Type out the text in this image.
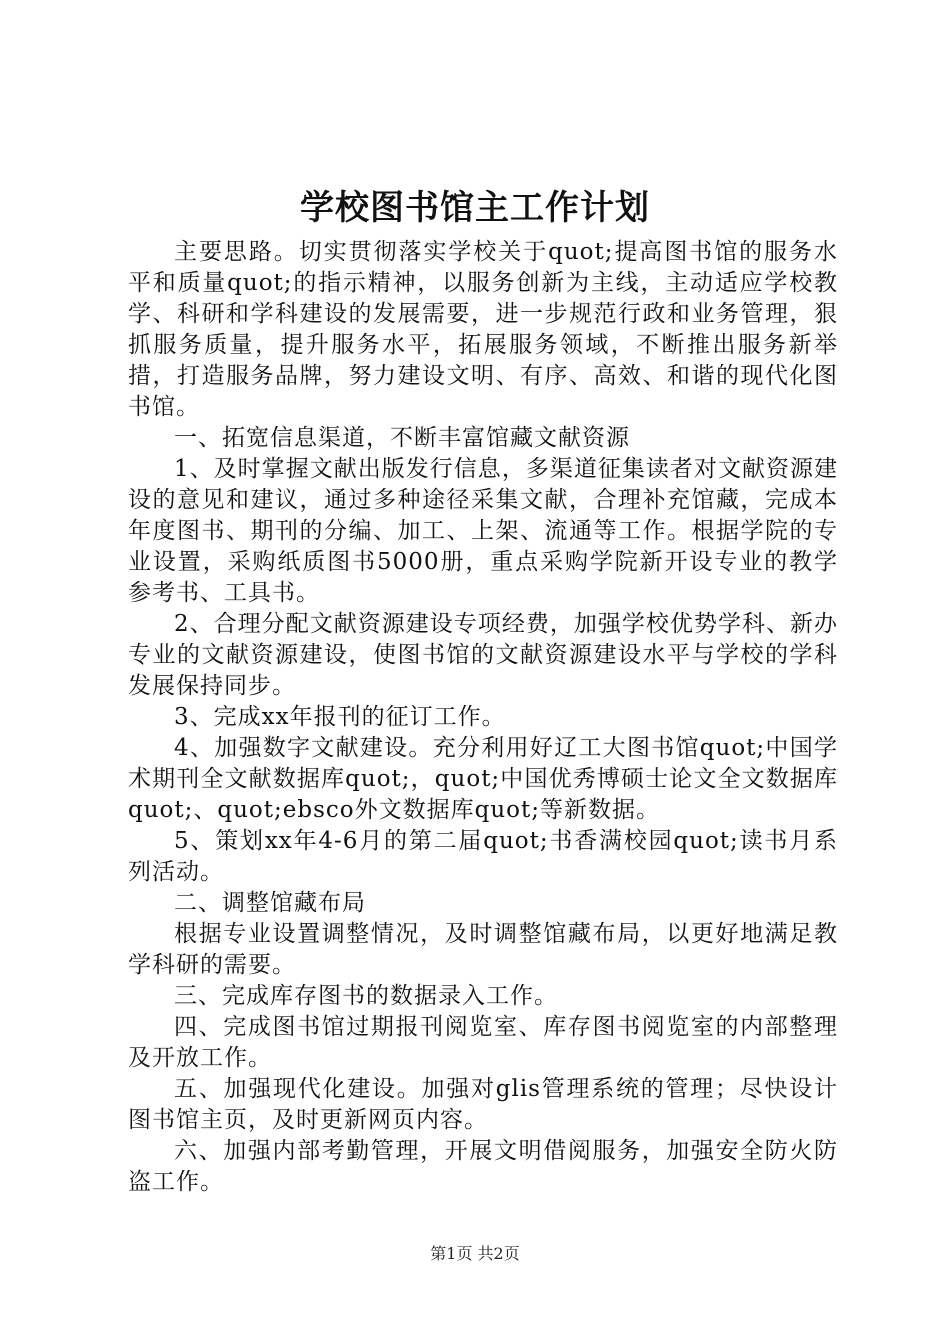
学校图书馆主工作计划

主要思路。切实贯彻落实学校关于quot;提高图书馆的服务水平和质量quot;的指示精神，以服务创新为主线，主动适应学校教学、科研和学科建设的发展需要，进一步规范行政和业务管理，狠抓服务质量，提升服务水平，拓展服务领域，不断推出服务新举措，打造服务品牌，努力建设文明、有序、高效、和谐的现代化图书馆。

一、拓宽信息渠道，不断丰富馆藏文献资源

1、及时掌握文献出版发行信息，多渠道征集读者对文献资源建设的意见和建议，通过多种途径采集文献，合理补充馆藏，完成本年度图书、期刊的分编、加工、上架、流通等工作。根据学院的专业设置，采购纸质图书5000册，重点采购学院新开设专业的教学参考书、工具书。

2、合理分配文献资源建设专项经费，加强学校优势学科、新办专业的文献资源建设，使图书馆的文献资源建设水平与学校的学科发展保持同步。

3、完成xx年报刊的征订工作。

4、加强数字文献建设。充分利用好辽工大图书馆quot;中国学术期刊全文献数据库quot;，quot;中国优秀博硕士论文全文数据库quot;、quot;ebsco外文数据库quot;等新数据。

5、策划xx年4-6月的第二届quot;书香满校园quot;读书月系列活动。

二、调整馆藏布局

根据专业设置调整情况，及时调整馆藏布局，以更好地满足教学科研的需要。

三、完成库存图书的数据录入工作。

四、完成图书馆过期报刊阅览室、库存图书阅览室的内部整理及开放工作。

五、加强现代化建设。加强对glis管理系统的管理；尽快设计图书馆主页，及时更新网页内容。

六、加强内部考勤管理，开展文明借阅服务，加强安全防火防盗工作。

第1页 共2页
